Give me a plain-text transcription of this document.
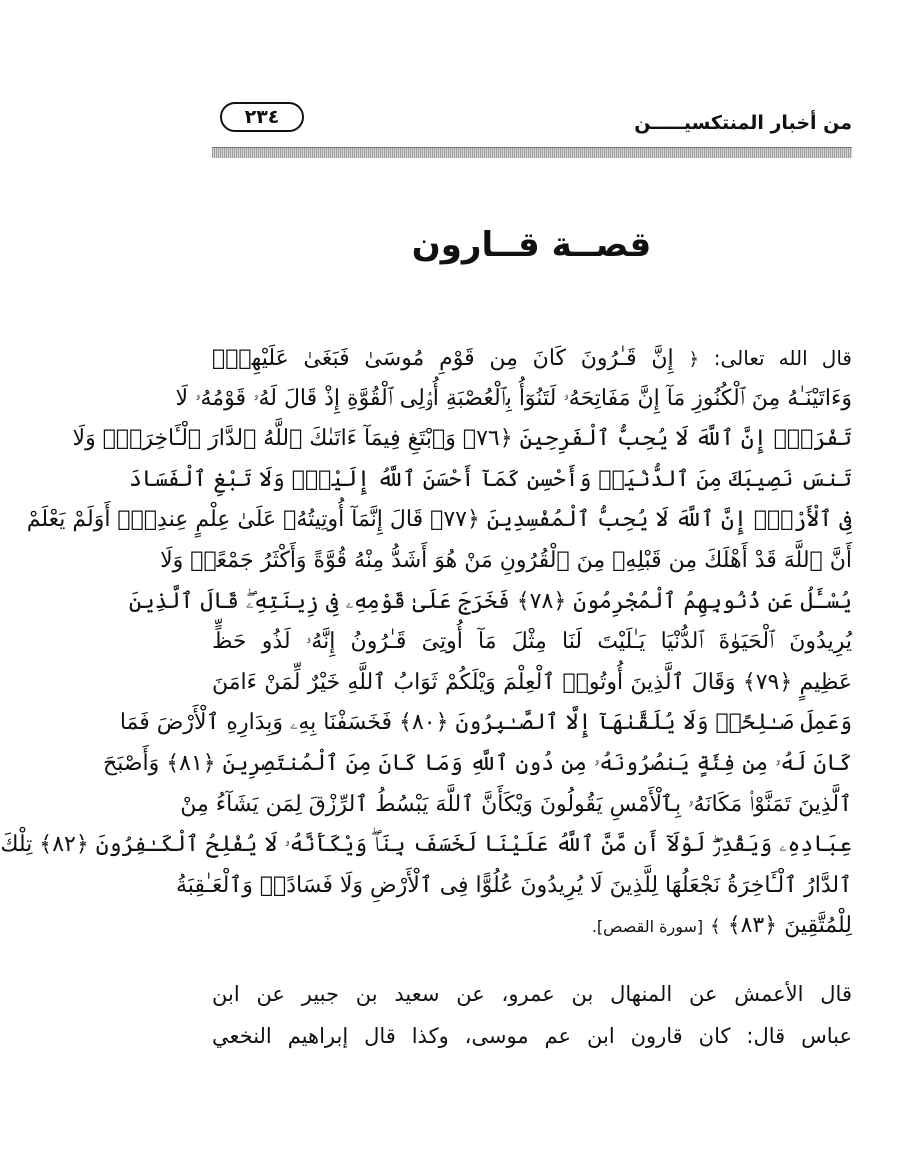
من أخبار المنتكسيـــــن
٢٣٤
قصــة قــارون
قال الله تعالى: ﴿ إِنَّ قَـٰرُونَ كَانَ مِن قَوْمِ مُوسَىٰ فَبَغَىٰ عَلَيْهِمْۖ
وَءَاتَيْنَـٰهُ مِنَ ٱلْكُنُوزِ مَآ إِنَّ مَفَاتِحَهُۥ لَتَنُوٓأُ بِٱلْعُصْبَةِ أُو۟لِى ٱلْقُوَّةِ إِذْ قَالَ لَهُۥ قَوْمُهُۥ لَا
تَفْرَحْۖ إِنَّ ٱللَّهَ لَا يُحِبُّ ٱلْفَرِحِينَ ﴿٧٦﴾ وَٱبْتَغِ فِيمَآ ءَاتَىٰكَ ٱللَّهُ ٱلدَّارَ ٱلْـَٔاخِرَةَۖ وَلَا
تَنسَ نَصِيبَكَ مِنَ ٱلدُّنْيَاۖ وَأَحْسِن كَمَآ أَحْسَنَ ٱللَّهُ إِلَيْكَۖ وَلَا تَبْغِ ٱلْفَسَادَ
فِى ٱلْأَرْضِۖ إِنَّ ٱللَّهَ لَا يُحِبُّ ٱلْمُفْسِدِينَ ﴿٧٧﴾ قَالَ إِنَّمَآ أُوتِيتُهُۥ عَلَىٰ عِلْمٍ عِندِىٓۚ أَوَلَمْ يَعْلَمْ
أَنَّ ٱللَّهَ قَدْ أَهْلَكَ مِن قَبْلِهِۦ مِنَ ٱلْقُرُونِ مَنْ هُوَ أَشَدُّ مِنْهُ قُوَّةً وَأَكْثَرُ جَمْعًاۚ وَلَا
يُسْـَٔلُ عَن ذُنُوبِهِمُ ٱلْمُجْرِمُونَ ﴿٧٨﴾ فَخَرَجَ عَلَىٰ قَوْمِهِۦ فِى زِينَتِهِۦۖ قَالَ ٱلَّذِينَ
يُرِيدُونَ ٱلْحَيَوٰةَ ٱلدُّنْيَا يَـٰلَيْتَ لَنَا مِثْلَ مَآ أُوتِىَ قَـٰرُونُ إِنَّهُۥ لَذُو حَظٍّ
عَظِيمٍ ﴿٧٩﴾ وَقَالَ ٱلَّذِينَ أُوتُوا۟ ٱلْعِلْمَ وَيْلَكُمْ ثَوَابُ ٱللَّهِ خَيْرٌ لِّمَنْ ءَامَنَ
وَعَمِلَ صَـٰلِحًاۚ وَلَا يُلَقَّىٰهَآ إِلَّا ٱلصَّـٰبِرُونَ ﴿٨٠﴾ فَخَسَفْنَا بِهِۦ وَبِدَارِهِ ٱلْأَرْضَ فَمَا
كَانَ لَهُۥ مِن فِئَةٍ يَنصُرُونَهُۥ مِن دُونِ ٱللَّهِ وَمَا كَانَ مِنَ ٱلْمُنتَصِرِينَ ﴿٨١﴾ وَأَصْبَحَ
ٱلَّذِينَ تَمَنَّوْا۟ مَكَانَهُۥ بِٱلْأَمْسِ يَقُولُونَ وَيْكَأَنَّ ٱللَّهَ يَبْسُطُ ٱلرِّزْقَ لِمَن يَشَآءُ مِنْ
عِبَادِهِۦ وَيَقْدِرُۖ لَوْلَآ أَن مَّنَّ ٱللَّهُ عَلَيْنَا لَخَسَفَ بِنَاۖ وَيْكَأَنَّهُۥ لَا يُفْلِحُ ٱلْكَـٰفِرُونَ ﴿٨٢﴾ تِلْكَ
ٱلدَّارُ ٱلْـَٔاخِرَةُ نَجْعَلُهَا لِلَّذِينَ لَا يُرِيدُونَ عُلُوًّا فِى ٱلْأَرْضِ وَلَا فَسَادًاۚ وَٱلْعَـٰقِبَةُ
لِلْمُتَّقِينَ ﴿٨٣﴾ ﴾ [سورة القصص].
قال الأعمش عن المنهال بن عمرو، عن سعيد بن جبير عن ابن
عباس قال: كان قارون ابن عم موسى، وكذا قال إبراهيم النخعي
